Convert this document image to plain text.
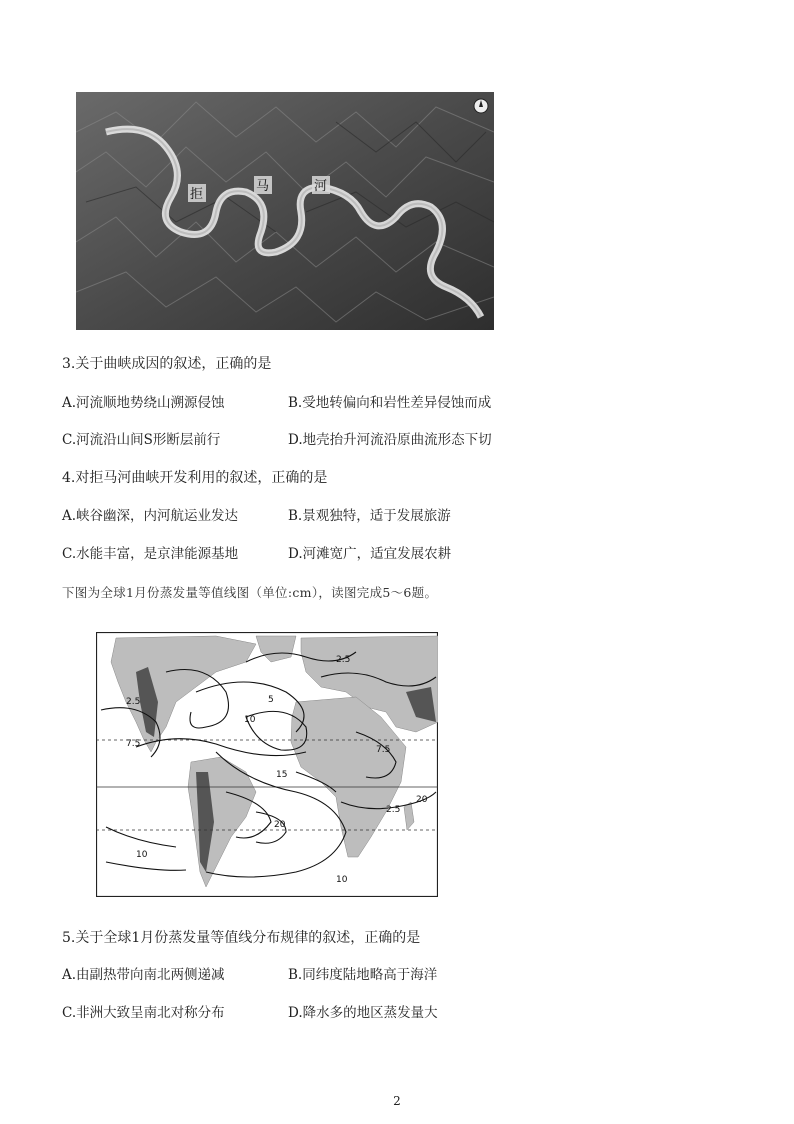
拒
马	河
3.关于曲峡成因的叙述，正确的是
A.河流顺地势绕山溯源侵蚀	B.受地转偏向和岩性差异侵蚀而成
C.河流沿山间S形断层前行	D.地壳抬升河流沿原曲流形态下切
4.对拒马河曲峡开发利用的叙述，正确的是
A.峡谷幽深，内河航运业发达	B.景观独特，适于发展旅游
C.水能丰富，是京津能源基地	D.河滩宽广，适宜发展农耕
下图为全球1月份蒸发量等值线图（单位:cm），读图完成5～6题。
2.5	5
7.5
10
15
20
7.5
2.5
10
10
20
2.5
5.关于全球1月份蒸发量等值线分布规律的叙述，正确的是
A.由副热带向南北两侧递减	B.同纬度陆地略高于海洋
C.非洲大致呈南北对称分布	D.降水多的地区蒸发量大
2
